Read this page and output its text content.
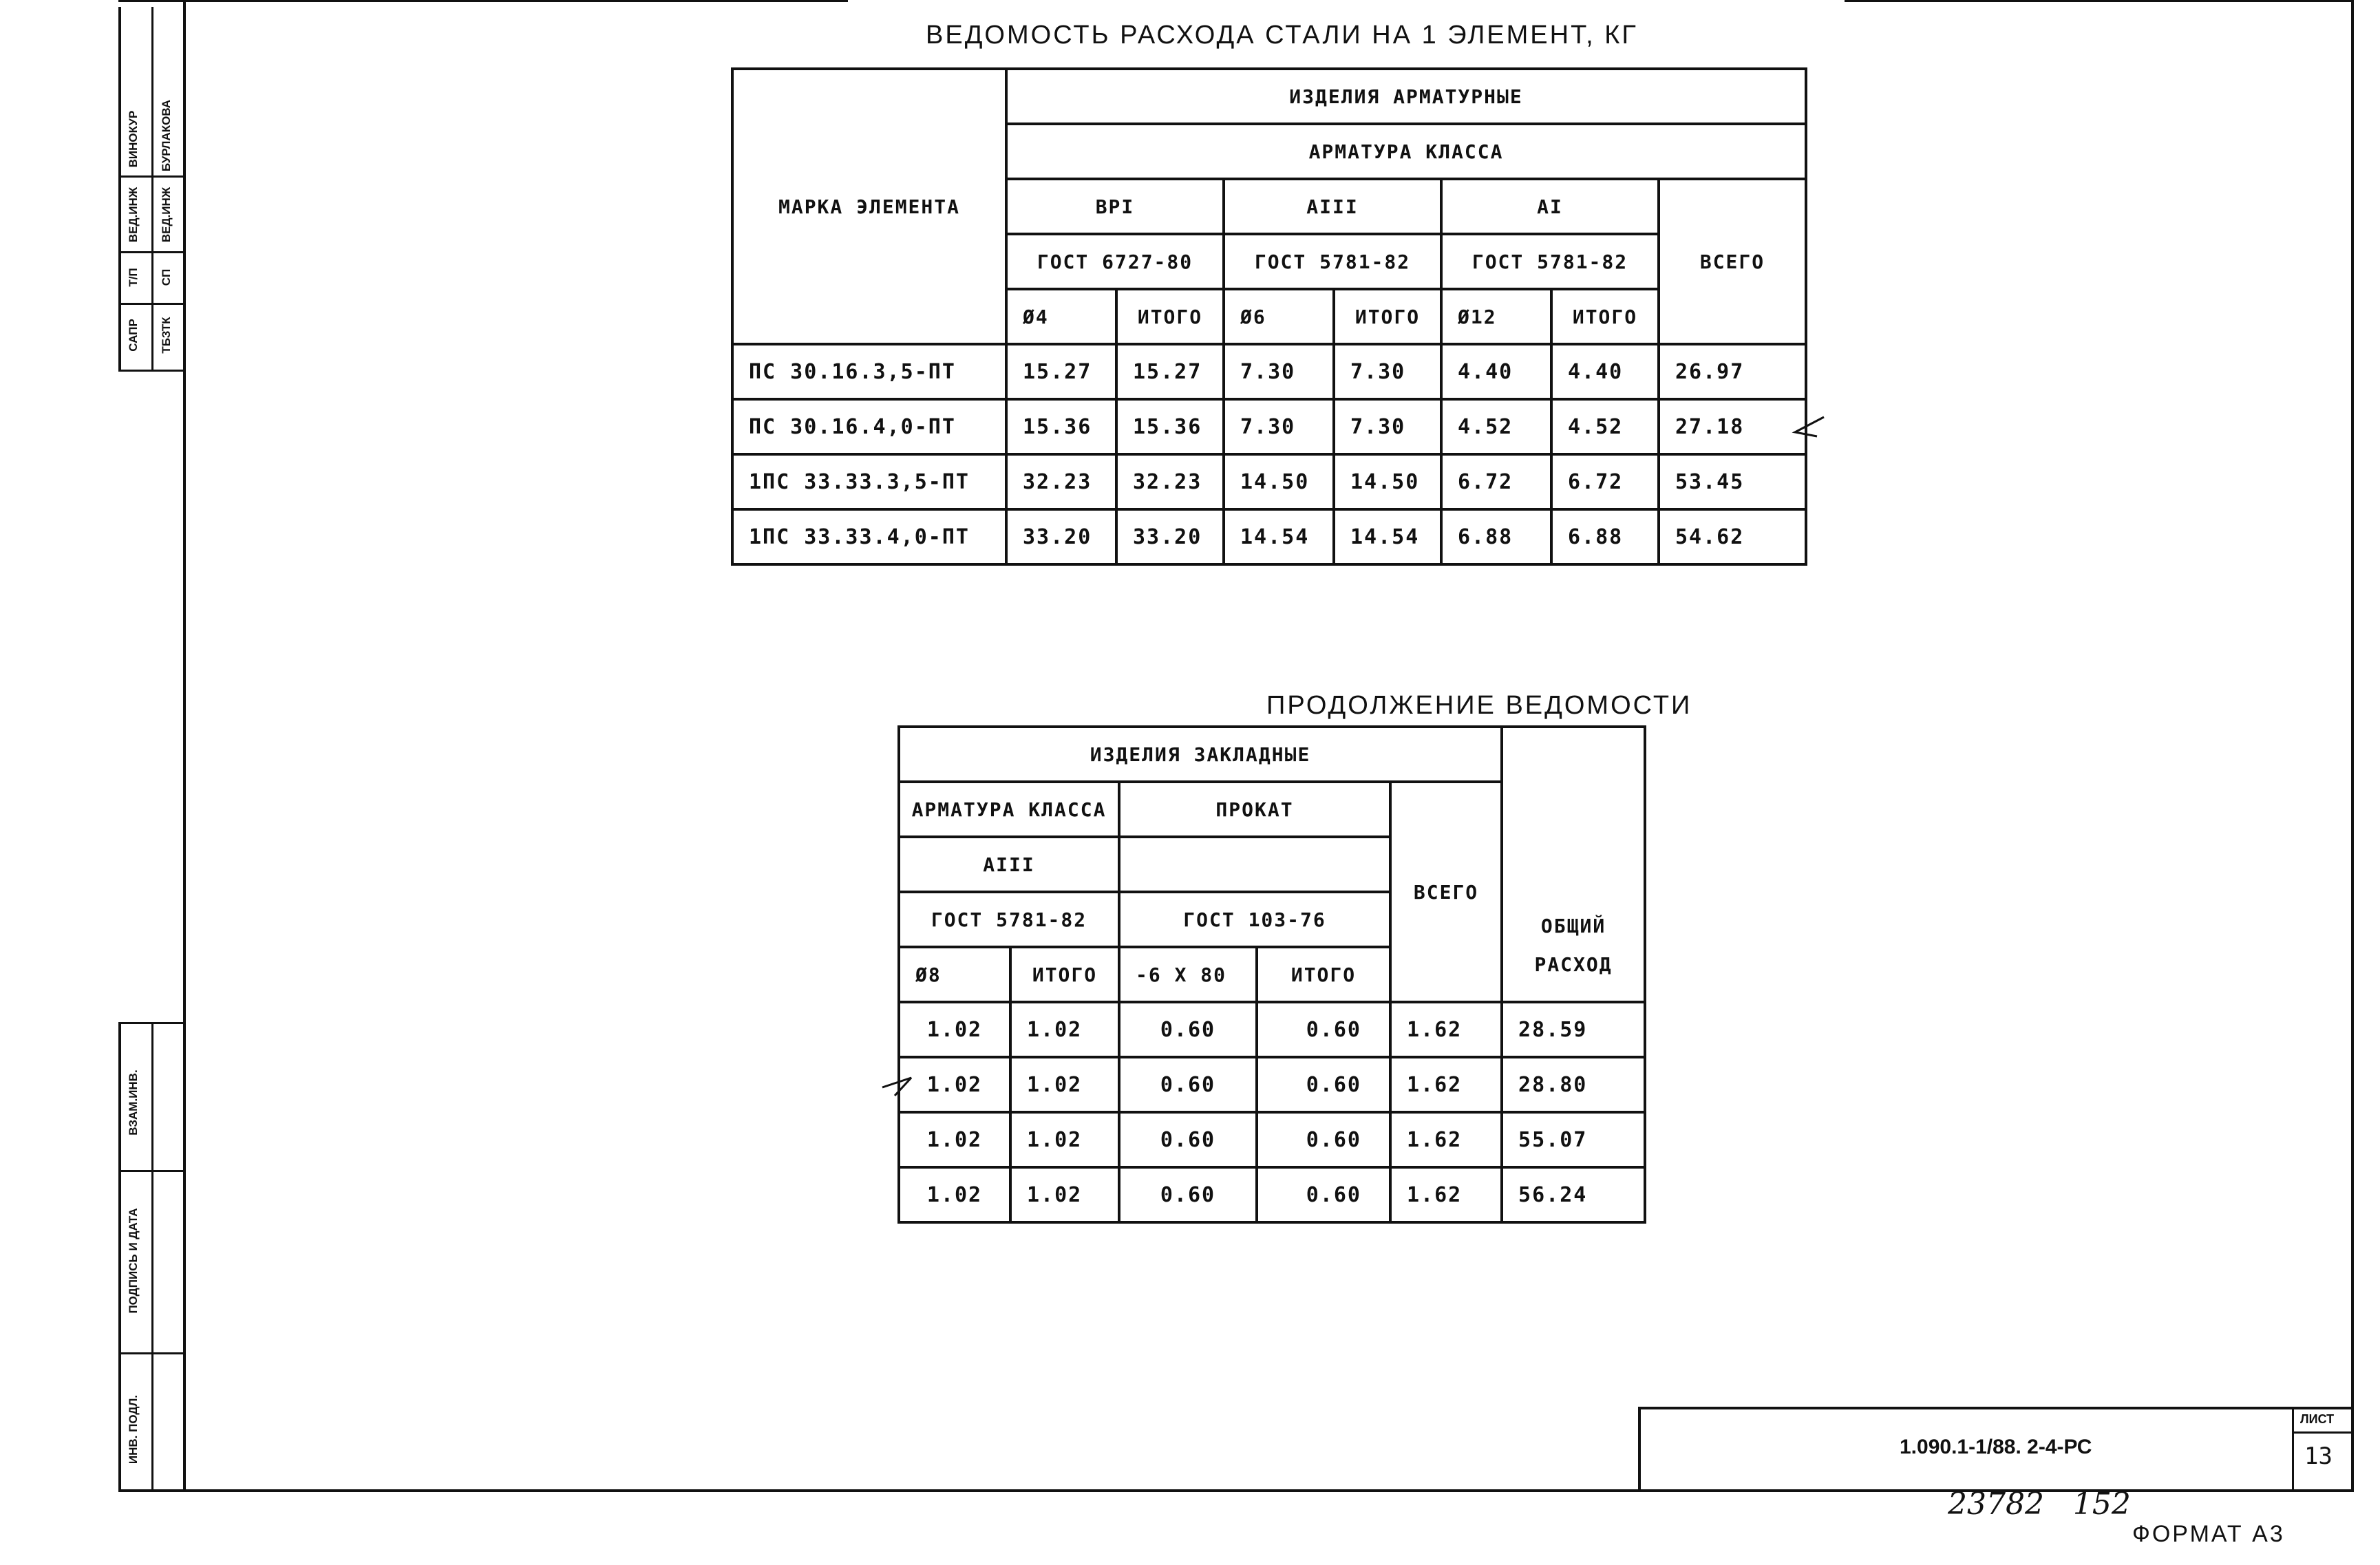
САПР
Т/П
ВЕД.ИНЖ
ВИНОКУР
ТБЗТК
СП
ВЕД.ИНЖ
БУРЛАКОВА
ИНВ. ПОДЛ.
ПОДПИСЬ И ДАТА
ВЗАМ.ИНВ.
ВЕДОМОСТЬ РАСХОДА СТАЛИ НА 1 ЭЛЕМЕНТ, КГ
МАРКА ЭЛЕМЕНТА	ИЗДЕЛИЯ АРМАТУРНЫЕ						
	АРМАТУРА КЛАССА						
	ВРI		АIII		АI		ВСЕГО
	ГОСТ 6727-80		ГОСТ 5781-82		ГОСТ 5781-82		
	Ø4	ИТОГО	Ø6	ИТОГО	Ø12	ИТОГО	
ПС 30.16.3,5-ПТ	15.27	15.27	7.30	7.30	4.40	4.40	26.97
ПС 30.16.4,0-ПТ	15.36	15.36	7.30	7.30	4.52	4.52	27.18
1ПС 33.33.3,5-ПТ	32.23	32.23	14.50	14.50	6.72	6.72	53.45
1ПС 33.33.4,0-ПТ	33.20	33.20	14.54	14.54	6.88	6.88	54.62
ПРОДОЛЖЕНИЕ ВЕДОМОСТИ
ИЗДЕЛИЯ ЗАКЛАДНЫЕ					ОБЩИЙ
РАСХОД

АРМАТУРА КЛАССА		ПРОКАТ		ВСЕГО	
АIII					
ГОСТ 5781-82		ГОСТ 103-76			
Ø8	ИТОГО	-6 X 80	ИТОГО		
1.02	1.02	0.60	0.60	1.62	28.59
1.02	1.02	0.60	0.60	1.62	28.80
1.02	1.02	0.60	0.60	1.62	55.07
1.02	1.02	0.60	0.60	1.62	56.24
1.090.1-1/88. 2-4-РС
ЛИСТ
13
23782   152
ФОРМАТ А3
